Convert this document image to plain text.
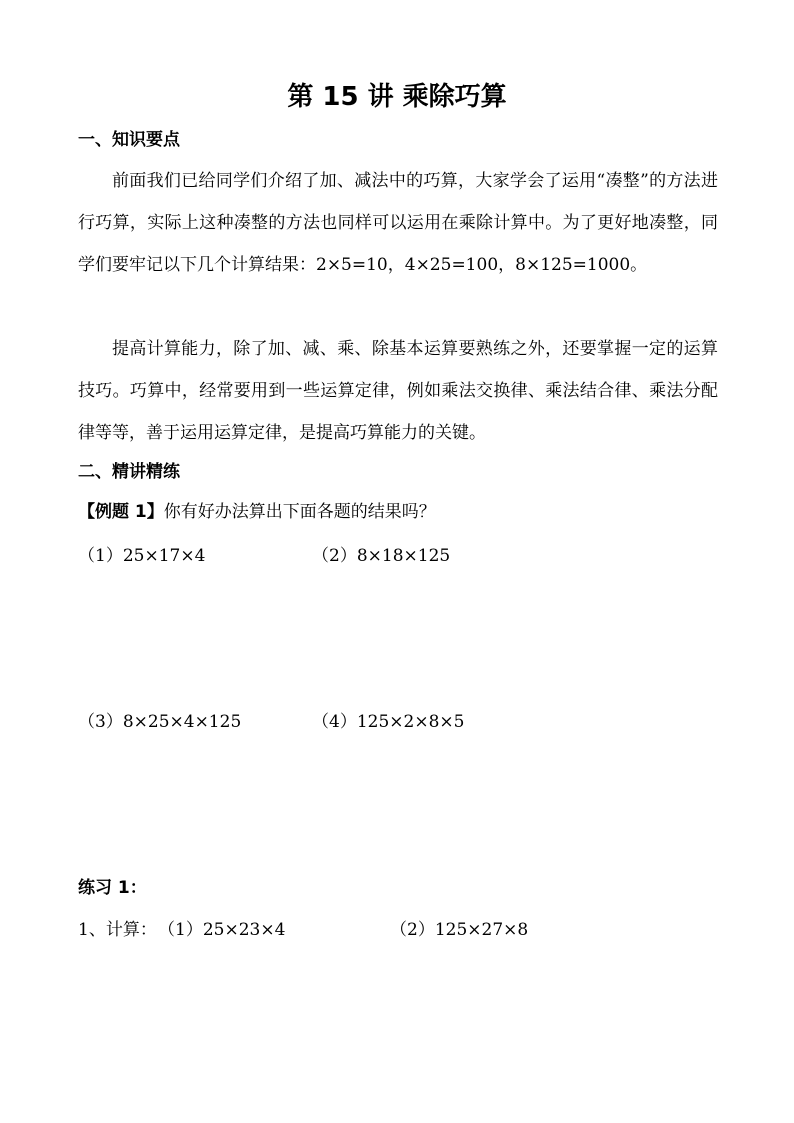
第 15 讲 乘除巧算
一、知识要点
前面我们已给同学们介绍了加、减法中的巧算，大家学会了运用“凑整”的方法进行巧算，实际上这种凑整的方法也同样可以运用在乘除计算中。为了更好地凑整，同学们要牢记以下几个计算结果：2×5=10，4×25=100，8×125=1000。
提高计算能力，除了加、减、乘、除基本运算要熟练之外，还要掌握一定的运算技巧。巧算中，经常要用到一些运算定律，例如乘法交换律、乘法结合律、乘法分配律等等，善于运用运算定律，是提高巧算能力的关键。
二、精讲精练
【例题 1】你有好办法算出下面各题的结果吗？
（1）25×17×4	（2）8×18×125
（3）8×25×4×125	（4）125×2×8×5
练习 1：
1、计算： （1）25×23×4	（2）125×27×8
